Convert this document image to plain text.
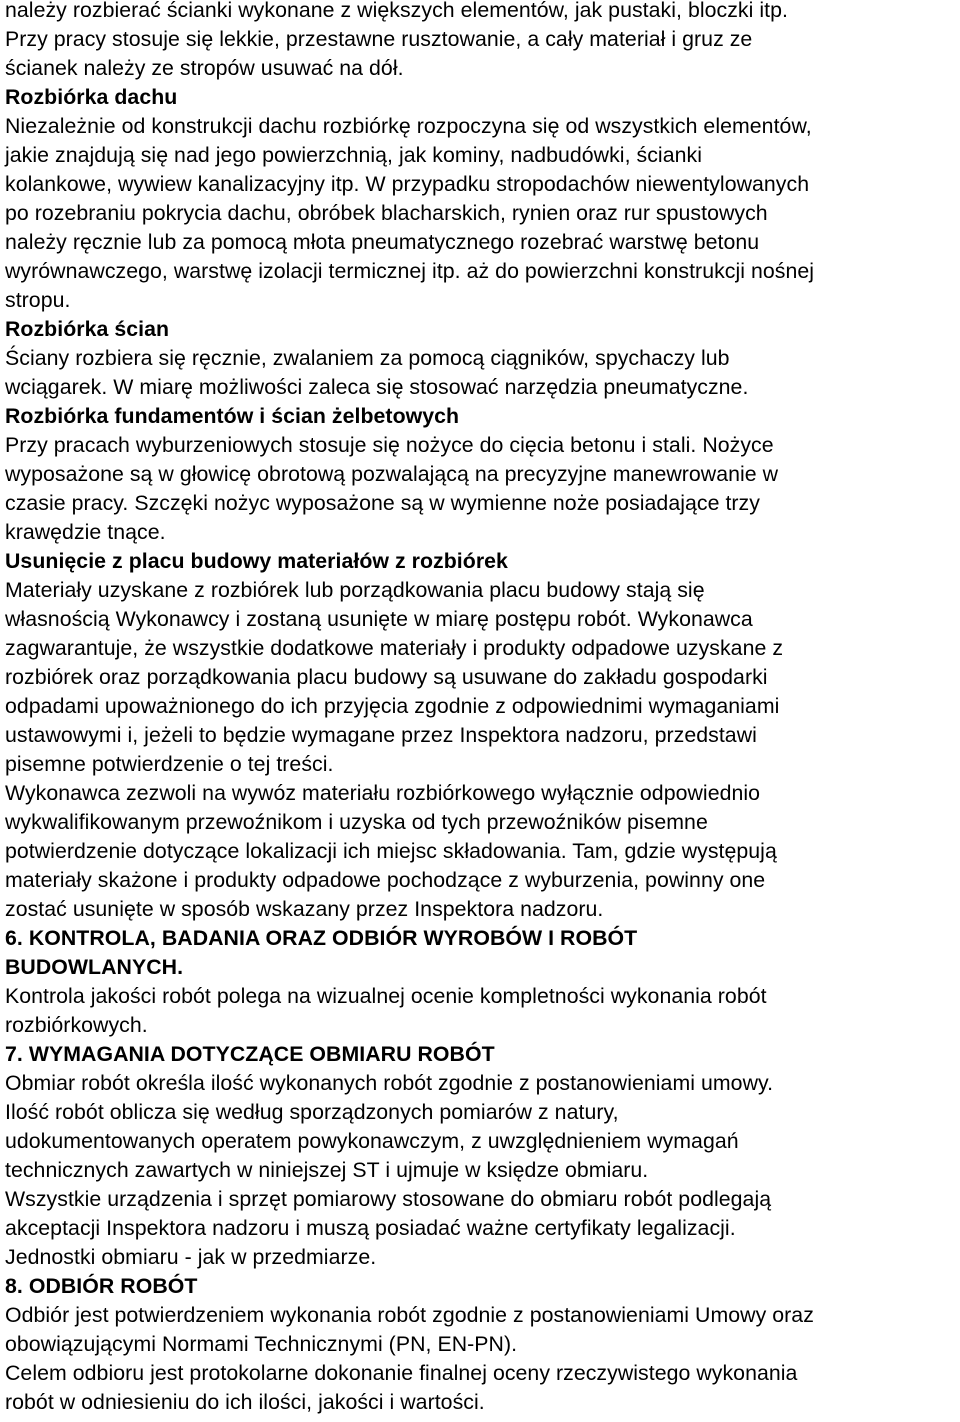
należy rozbierać ścianki wykonane z większych elementów, jak pustaki, bloczki itp.
Przy pracy stosuje się lekkie, przestawne rusztowanie, a cały materiał i gruz ze
ścianek należy ze stropów usuwać na dół.
Rozbiórka dachu
Niezależnie od konstrukcji dachu rozbiórkę rozpoczyna się od wszystkich elementów,
jakie znajdują się nad jego powierzchnią, jak kominy, nadbudówki, ścianki
kolankowe, wywiew kanalizacyjny itp. W przypadku stropodachów niewentylowanych
po rozebraniu pokrycia dachu, obróbek blacharskich, rynien oraz rur spustowych
należy ręcznie lub za pomocą młota pneumatycznego rozebrać warstwę betonu
wyrównawczego, warstwę izolacji termicznej itp. aż do powierzchni konstrukcji nośnej
stropu.
Rozbiórka ścian
Ściany rozbiera się ręcznie, zwalaniem za pomocą ciągników, spychaczy lub
wciągarek. W miarę możliwości zaleca się stosować narzędzia pneumatyczne.
Rozbiórka fundamentów i ścian żelbetowych
Przy pracach wyburzeniowych stosuje się nożyce do cięcia betonu i stali. Nożyce
wyposażone są w głowicę obrotową pozwalającą na precyzyjne manewrowanie w
czasie pracy. Szczęki nożyc wyposażone są w wymienne noże posiadające trzy
krawędzie tnące.
Usunięcie z placu budowy materiałów z rozbiórek
Materiały uzyskane z rozbiórek lub porządkowania placu budowy stają się
własnością Wykonawcy i zostaną usunięte w miarę postępu robót. Wykonawca
zagwarantuje, że wszystkie dodatkowe materiały i produkty odpadowe uzyskane z
rozbiórek oraz porządkowania placu budowy są usuwane do zakładu gospodarki
odpadami upoważnionego do ich przyjęcia zgodnie z odpowiednimi wymaganiami
ustawowymi i, jeżeli to będzie wymagane przez Inspektora nadzoru, przedstawi
pisemne potwierdzenie o tej treści.
Wykonawca zezwoli na wywóz materiału rozbiórkowego wyłącznie odpowiednio
wykwalifikowanym przewoźnikom i uzyska od tych przewoźników pisemne
potwierdzenie dotyczące lokalizacji ich miejsc składowania. Tam, gdzie występują
materiały skażone i produkty odpadowe pochodzące z wyburzenia, powinny one
zostać usunięte w sposób wskazany przez Inspektora nadzoru.
6. KONTROLA, BADANIA ORAZ ODBIÓR WYROBÓW I ROBÓT
BUDOWLANYCH.
Kontrola jakości robót polega na wizualnej ocenie kompletności wykonania robót
rozbiórkowych.
7. WYMAGANIA DOTYCZĄCE OBMIARU ROBÓT
Obmiar robót określa ilość wykonanych robót zgodnie z postanowieniami umowy.
Ilość robót oblicza się według sporządzonych pomiarów z natury,
udokumentowanych operatem powykonawczym, z uwzględnieniem wymagań
technicznych zawartych w niniejszej ST i ujmuje w księdze obmiaru.
Wszystkie urządzenia i sprzęt pomiarowy stosowane do obmiaru robót podlegają
akceptacji Inspektora nadzoru i muszą posiadać ważne certyfikaty legalizacji.
Jednostki obmiaru - jak w przedmiarze.
8. ODBIÓR ROBÓT
Odbiór jest potwierdzeniem wykonania robót zgodnie z postanowieniami Umowy oraz
obowiązującymi Normami Technicznymi (PN, EN-PN).
Celem odbioru jest protokolarne dokonanie finalnej oceny rzeczywistego wykonania
robót w odniesieniu do ich ilości, jakości i wartości.
